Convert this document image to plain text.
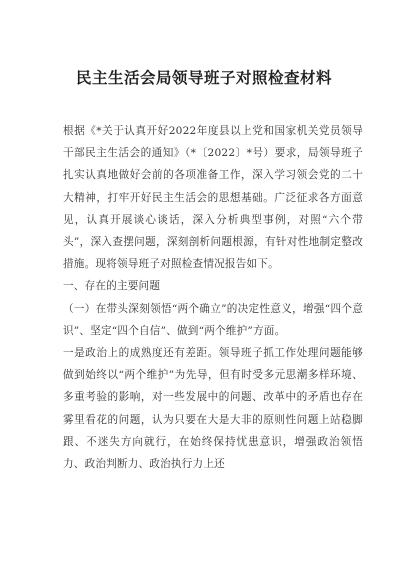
民主生活会局领导班子对照检查材料

根据《*关于认真开好2022年度县以上党和国家机关党员领导干部民主生活会的通知》（*〔2022〕*号）要求，局领导班子扎实认真地做好会前的各项准备工作，深入学习领会党的二十大精神，打牢开好民主生活会的思想基础。广泛征求各方面意见，认真开展谈心谈话，深入分析典型事例，对照“六个带头”，深入查摆问题，深刻剖析问题根源，有针对性地制定整改措施。现将领导班子对照检查情况报告如下。

一、存在的主要问题

（一）在带头深刻领悟“两个确立”的决定性意义，增强“四个意识”、坚定“四个自信”、做到“两个维护”方面。

一是政治上的成熟度还有差距。领导班子抓工作处理问题能够做到始终以“两个维护”为先导，但有时受多元思潮多样环境、多重考验的影响，对一些发展中的问题、改革中的矛盾也存在雾里看花的问题，认为只要在大是大非的原则性问题上站稳脚跟、不迷失方向就行，在始终保持忧患意识，增强政治领悟力、政治判断力、政治执行力上还
